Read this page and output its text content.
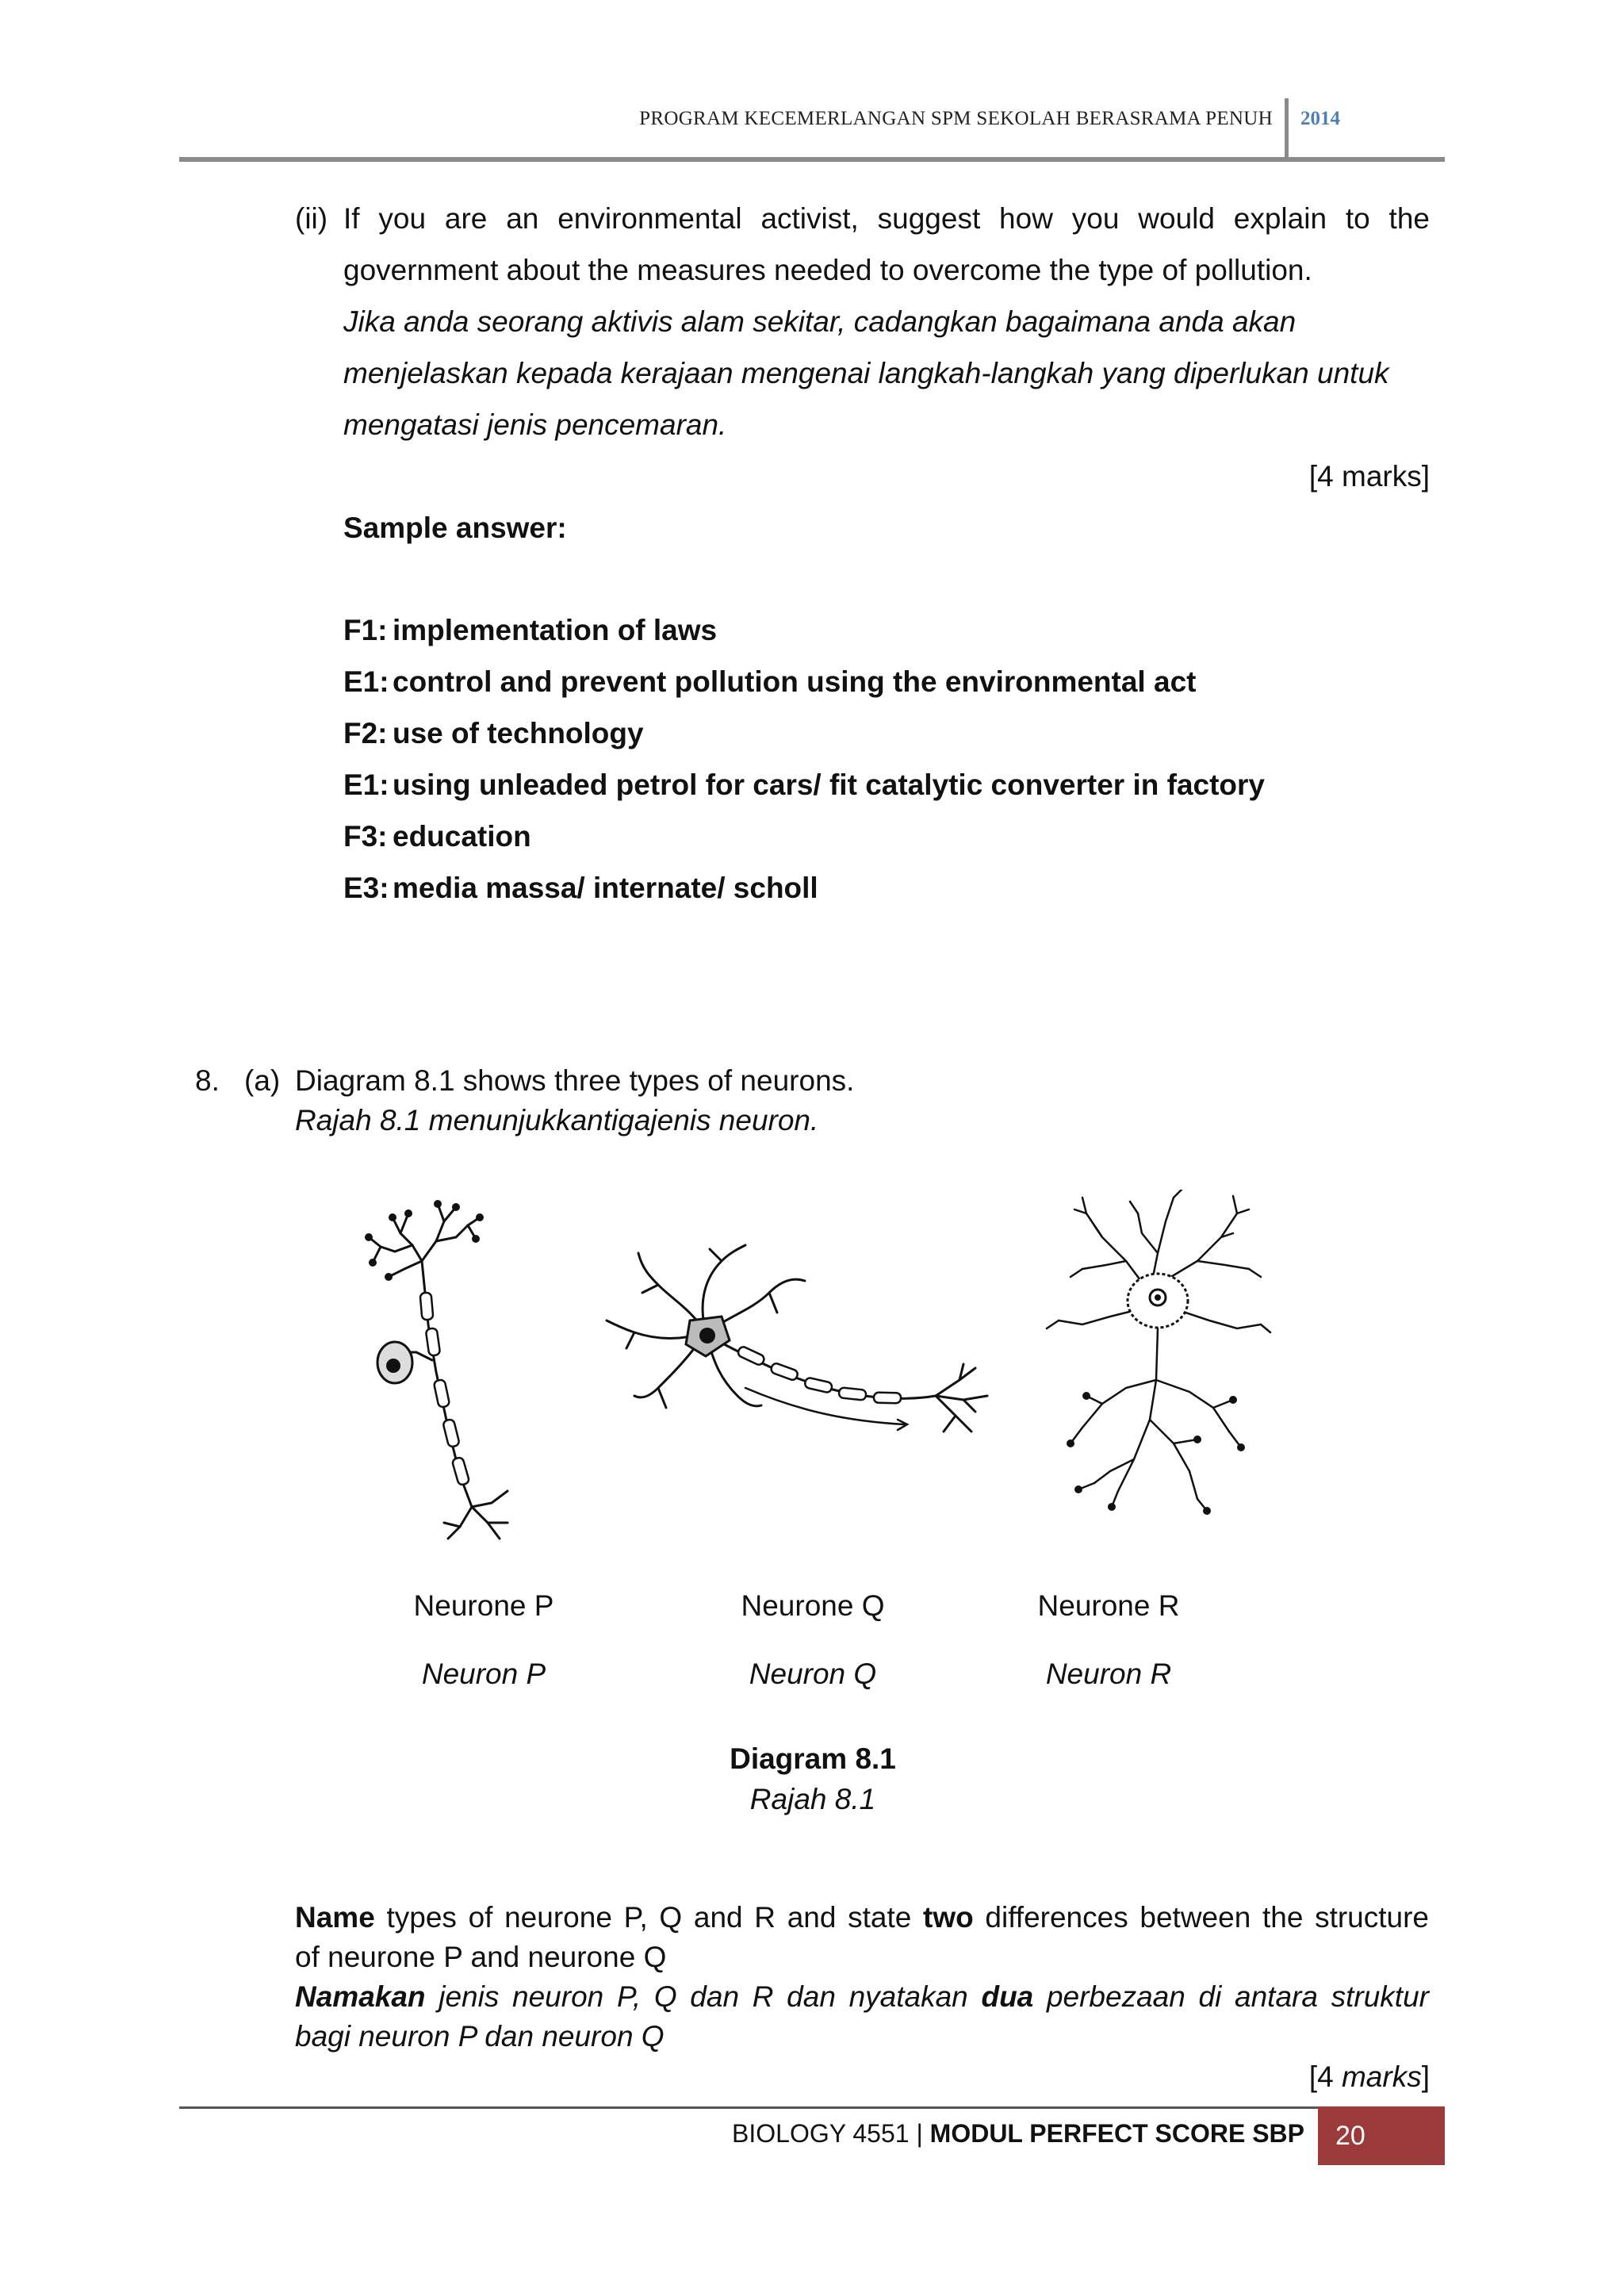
PROGRAM KECEMERLANGAN SPM SEKOLAH BERASRAMA PENUH 2014
(ii) If you are an environmental activist, suggest how you would explain to the
government about the measures needed to overcome the type of pollution.
Jika anda seorang aktivis alam sekitar, cadangkan bagaimana anda akan
menjelaskan kepada kerajaan mengenai langkah-langkah yang diperlukan untuk
mengatasi jenis pencemaran.
[4 marks]
Sample answer:
F1: implementation of laws
E1: control and prevent pollution using the environmental act
F2: use of technology
E1: using unleaded petrol for cars/ fit catalytic converter in factory
F3: education
E3: media massa/ internate/ scholl
8. (a) Diagram 8.1 shows three types of neurons.
Rajah 8.1 menunjukkantigajenis neuron.
Neurone P	Neurone Q	Neurone R
Neuron P	Neuron Q	Neuron R
Diagram 8.1
Rajah 8.1
Name types of neurone P, Q and R and state two differences between the structure
of neurone P and neurone Q
Namakan jenis neuron P, Q dan R dan nyatakan dua perbezaan di antara struktur
bagi neuron P dan neuron Q
[4 marks]
BIOLOGY 4551 | MODUL PERFECT SCORE SBP	20
